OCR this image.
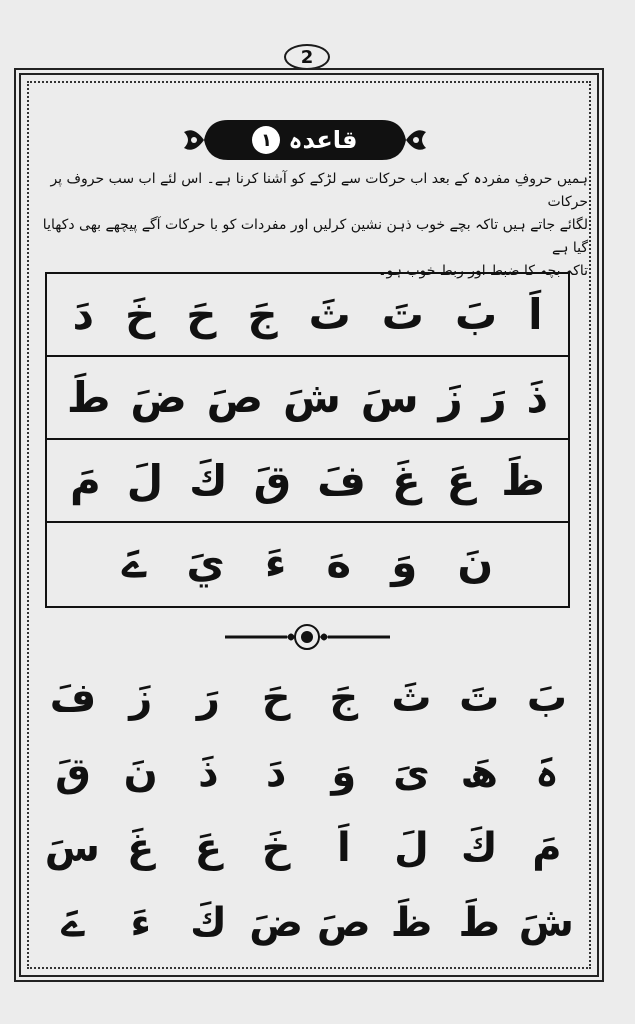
2
قاعدہ
١

ہمیں حروفِ مفردہ کے بعد اب حرکات سے لڑکے کو آشنا کرنا ہے۔ اس لئے اب سب حروف پر حرکات

لگائے جاتے ہیں تاکہ بچے خوب ذہن نشین کرلیں اور مفردات کو با حرکات آگے پیچھے بھی دکھایا گیا ہے

تاکہ بچہ کا ضبط اور ربط خوب ہو۔

اَ
بَ
تَ
ثَ
جَ
حَ
خَ
دَ
ذَ
رَ
زَ
سَ
شَ
صَ
ضَ
طَ
ظَ
عَ
غَ
فَ
قَ
كَ
لَ
مَ
نَ
وَ
هَ
ءَ
يَ
ےَ
بَ
تَ
ثَ
جَ
حَ
رَ
زَ
فَ
ہَ
ھَ
یَ
وَ
دَ
ذَ
نَ
قَ
مَ
كَ
لَ
اَ
خَ
عَ
غَ
سَ
شَ
طَ
ظَ
صَ
ضَ
كَ
ءَ
ےَ
